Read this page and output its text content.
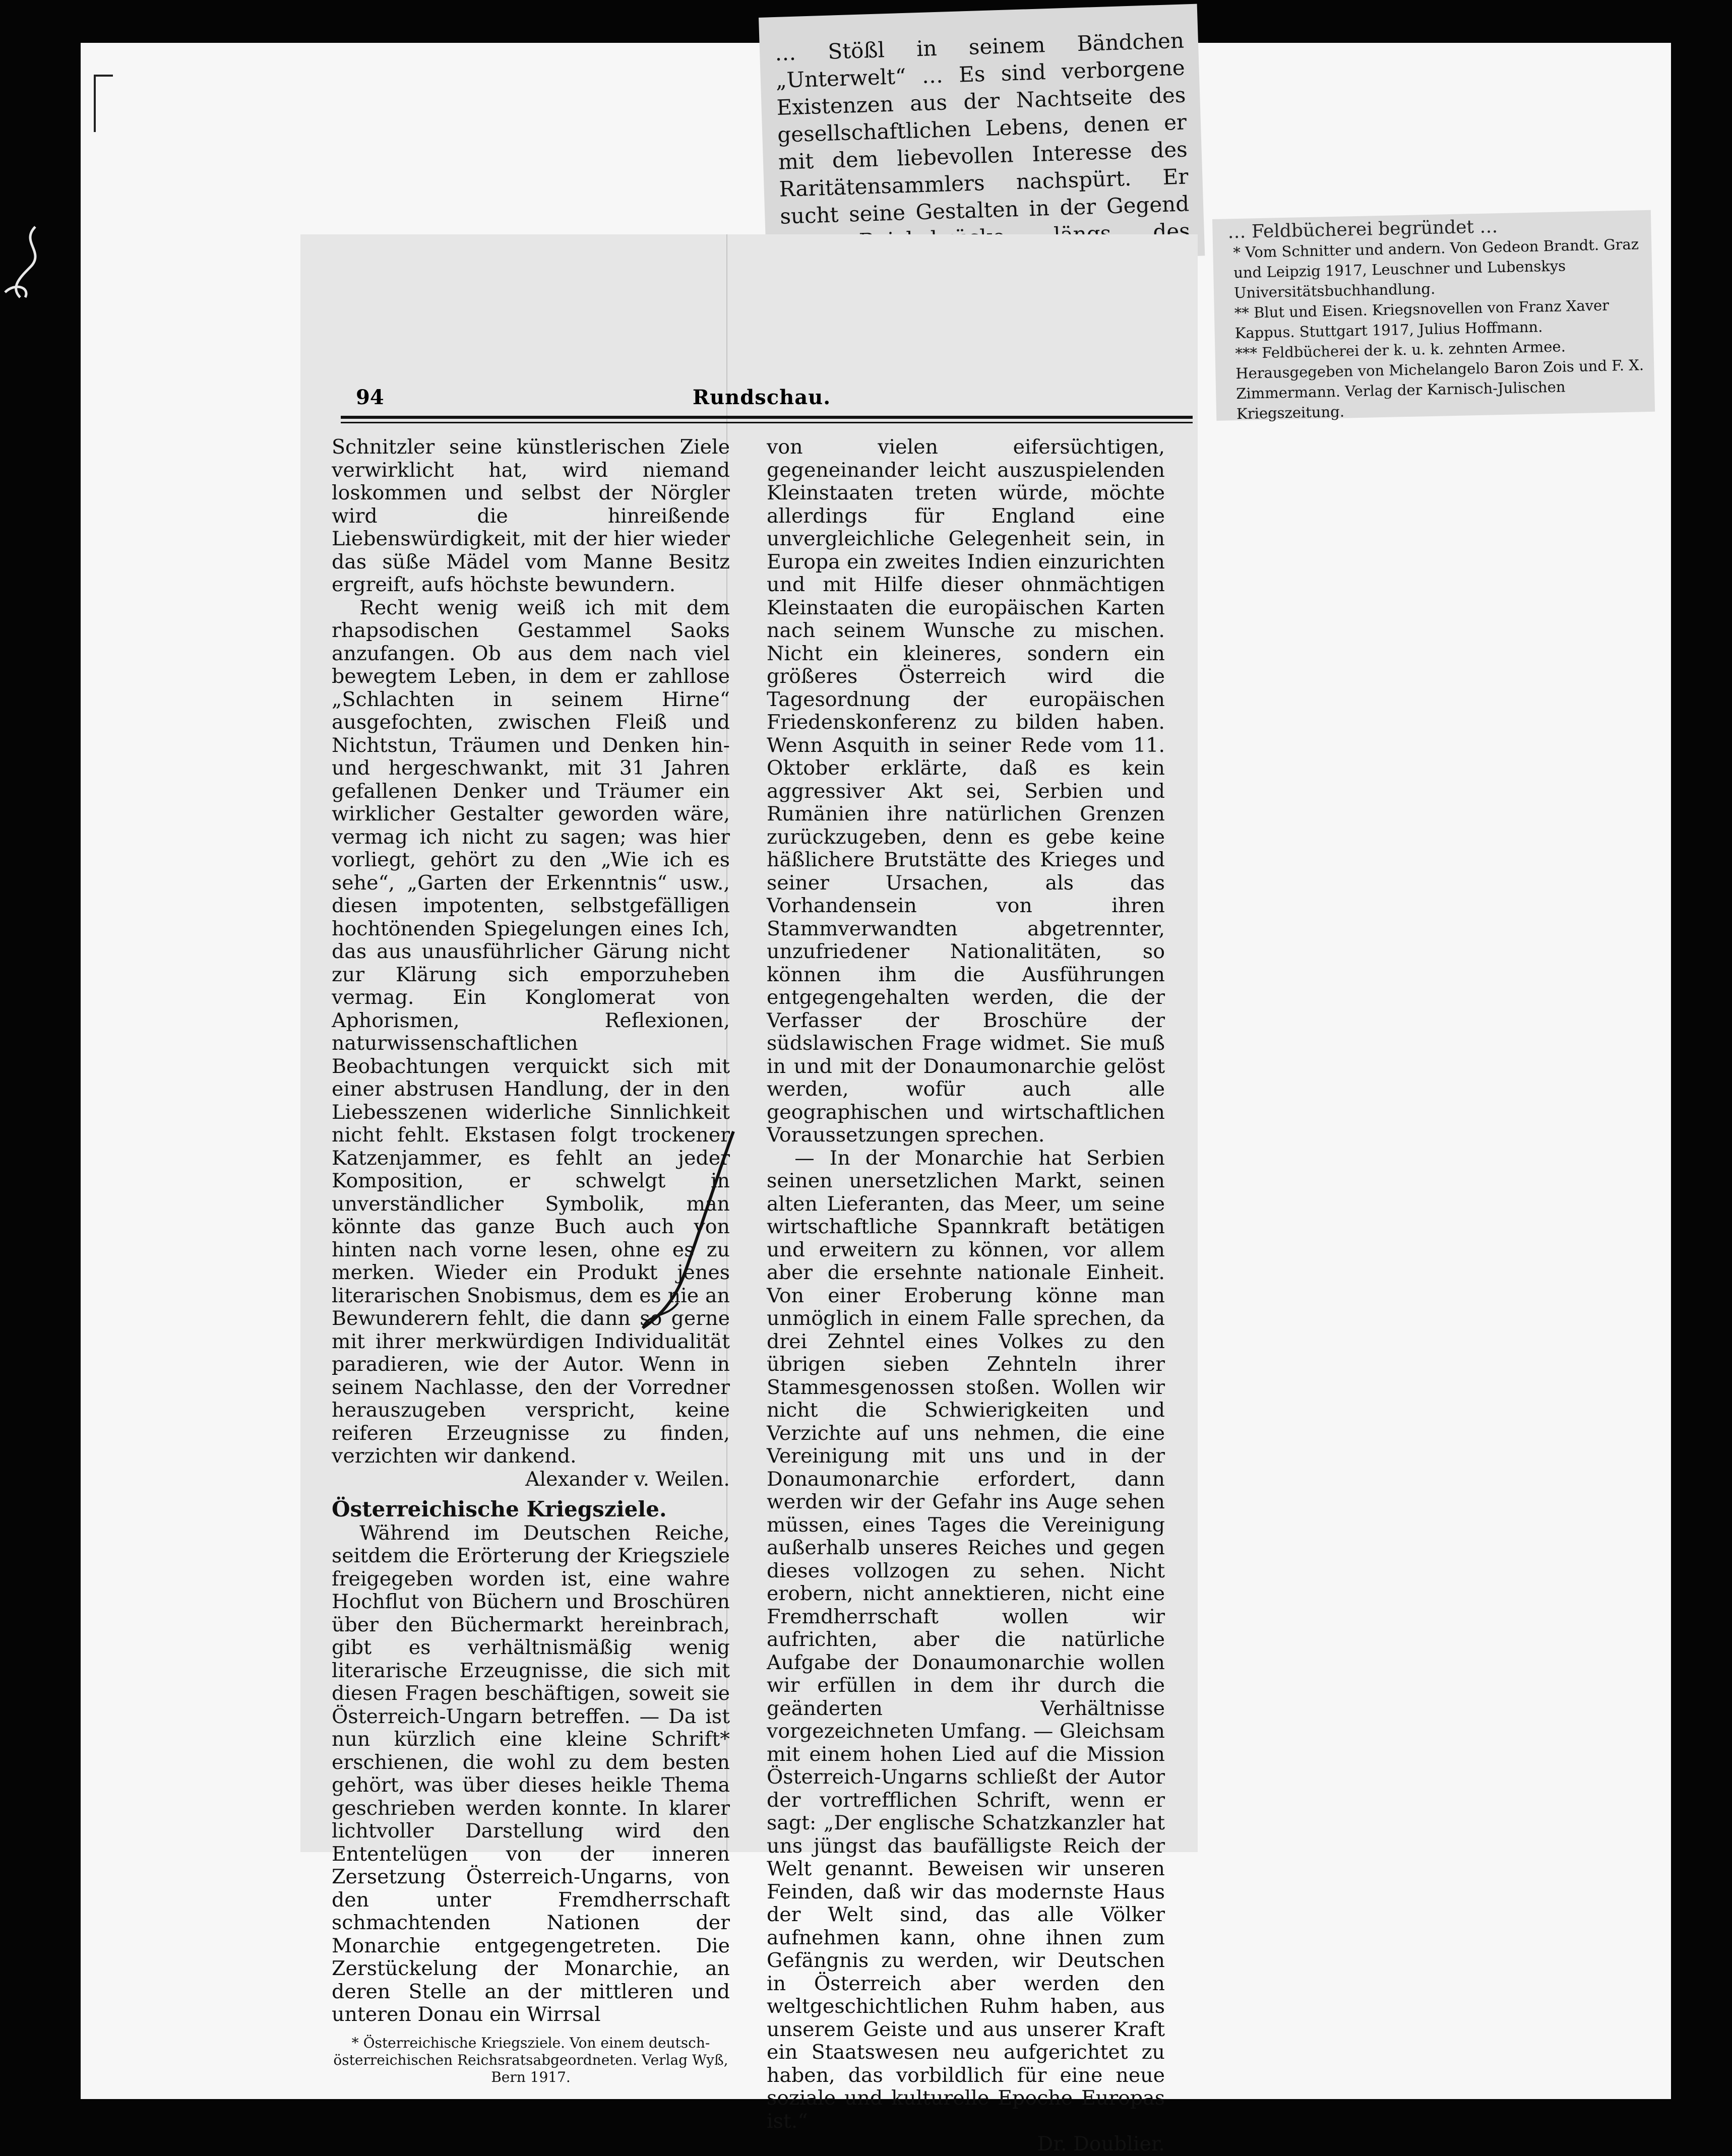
… Stößl in seinem Bändchen „Unterwelt“ … Es sind verborgene Existenzen aus der Nachtseite des gesellschaftlichen Lebens, denen er mit dem liebevollen Interesse des Raritätensammlers nachspürt. Er sucht seine Gestalten in der Gegend des	… Feldbücherei begründet …
* Vom Schnitter und andern. Von Gedeon Brandt. Graz und Leipzig 1917, Leuschner und Lubenskys Universitätsbuchhandlung.
** Blut und Eisen. Kriegsnovellen von Franz Xaver Kappus. Stuttgart 1917, Julius Hoffmann.
*** Feldbücherei der k. u. k. zehnten Armee. Herausgegeben von Michelangelo Baron Zois und F. X. Zimmermann. Verlag der Karnisch-Julischen Kriegszeitung.
94	Rundschau.

Schnitzler seine künstlerischen Ziele verwirklicht hat, wird niemand loskommen und selbst der Nörgler wird die hinreißende Liebenswürdigkeit, mit der hier wieder das süße Mädel vom Manne Besitz ergreift, aufs höchste bewundern.

Recht wenig weiß ich mit dem rhapsodischen Gestammel Saoks anzufangen. Ob aus dem nach viel bewegtem Leben, in dem er zahllose „Schlachten in seinem Hirne“ ausgefochten, zwischen Fleiß und Nichtstun, Träumen und Denken hin- und hergeschwankt, mit 31 Jahren gefallenen Denker und Träumer ein wirklicher Gestalter geworden wäre, vermag ich nicht zu sagen; was hier vorliegt, gehört zu den „Wie ich es sehe“, „Garten der Erkenntnis“ usw., diesen impotenten, selbstgefälligen hochtönenden Spiegelungen eines Ich, das aus unausführlicher Gärung nicht zur Klärung sich emporzuheben vermag. Ein Konglomerat von Aphorismen, Reflexionen, naturwissenschaftlichen Beobachtungen verquickt sich mit einer abstrusen Handlung, der in den Liebesszenen widerliche Sinnlichkeit nicht fehlt. Ekstasen folgt trockener Katzenjammer, es fehlt an jeder Komposition, er schwelgt in unverständlicher Symbolik, man könnte das ganze Buch auch von hinten nach vorne lesen, ohne es zu merken. Wieder ein Produkt jenes literarischen Snobismus, dem es nie an Bewunderern fehlt, die dann so gerne mit ihrer merkwürdigen Individualität paradieren, wie der Autor. Wenn in seinem Nachlasse, den der Vorredner herauszugeben verspricht, keine reiferen Erzeugnisse zu finden, verzichten wir dankend.

Alexander v. Weilen.

Österreichische Kriegsziele.

Während im Deutschen Reiche, seitdem die Erörterung der Kriegsziele freigegeben worden ist, eine wahre Hochflut von Büchern und Broschüren über den Büchermarkt hereinbrach, gibt es verhältnismäßig wenig literarische Erzeugnisse, die sich mit diesen Fragen beschäftigen, soweit sie Österreich-Ungarn betreffen. — Da ist nun kürzlich eine kleine Schrift* erschienen, die wohl zu dem besten gehört, was über dieses heikle Thema geschrieben werden konnte. In klarer lichtvoller Darstellung wird den Ententelügen von der inneren Zersetzung Österreich-Ungarns, von den unter Fremdherrschaft schmachtenden Nationen der Monarchie entgegengetreten. Die Zerstückelung der Monarchie, an deren Stelle an der mittleren und unteren Donau ein Wirrsal

* Österreichische Kriegsziele. Von einem deutsch-österreichischen Reichsratsabgeordneten. Verlag Wyß, Bern 1917.

von vielen eifersüchtigen, gegeneinander leicht auszuspielenden Kleinstaaten treten würde, möchte allerdings für England eine unvergleichliche Gelegenheit sein, in Europa ein zweites Indien einzurichten und mit Hilfe dieser ohnmächtigen Kleinstaaten die europäischen Karten nach seinem Wunsche zu mischen. Nicht ein kleineres, sondern ein größeres Österreich wird die Tagesordnung der europäischen Friedenskonferenz zu bilden haben. Wenn Asquith in seiner Rede vom 11. Oktober erklärte, daß es kein aggressiver Akt sei, Serbien und Rumänien ihre natürlichen Grenzen zurückzugeben, denn es gebe keine häßlichere Brutstätte des Krieges und seiner Ursachen, als das Vorhandensein von ihren Stammverwandten abgetrennter, unzufriedener Nationalitäten, so können ihm die Ausführungen entgegengehalten werden, die der Verfasser der Broschüre der südslawischen Frage widmet. Sie muß in und mit der Donaumonarchie gelöst werden, wofür auch alle geographischen und wirtschaftlichen Voraussetzungen sprechen.

— In der Monarchie hat Serbien seinen unersetzlichen Markt, seinen alten Lieferanten, das Meer, um seine wirtschaftliche Spannkraft betätigen und erweitern zu können, vor allem aber die ersehnte nationale Einheit. Von einer Eroberung könne man unmöglich in einem Falle sprechen, da drei Zehntel eines Volkes zu den übrigen sieben Zehnteln ihrer Stammesgenossen stoßen. Wollen wir nicht die Schwierigkeiten und Verzichte auf uns nehmen, die eine Vereinigung mit uns und in der Donaumonarchie erfordert, dann werden wir der Gefahr ins Auge sehen müssen, eines Tages die Vereinigung außerhalb unseres Reiches und gegen dieses vollzogen zu sehen. Nicht erobern, nicht annektieren, nicht eine Fremdherrschaft wollen wir aufrichten, aber die natürliche Aufgabe der Donaumonarchie wollen wir erfüllen in dem ihr durch die geänderten Verhältnisse vorgezeichneten Umfang. — Gleichsam mit einem hohen Lied auf die Mission Österreich-Ungarns schließt der Autor der vortrefflichen Schrift, wenn er sagt: „Der englische Schatzkanzler hat uns jüngst das baufälligste Reich der Welt genannt. Beweisen wir unseren Feinden, daß wir das modernste Haus der Welt sind, das alle Völker aufnehmen kann, ohne ihnen zum Gefängnis zu werden, wir Deutschen in Österreich aber werden den weltgeschichtlichen Ruhm haben, aus unserem Geiste und aus unserer Kraft ein Staatswesen neu aufgerichtet zu haben, das vorbildlich für eine neue soziale und kulturelle Epoche Europas ist.“

Dr. Doublier.
